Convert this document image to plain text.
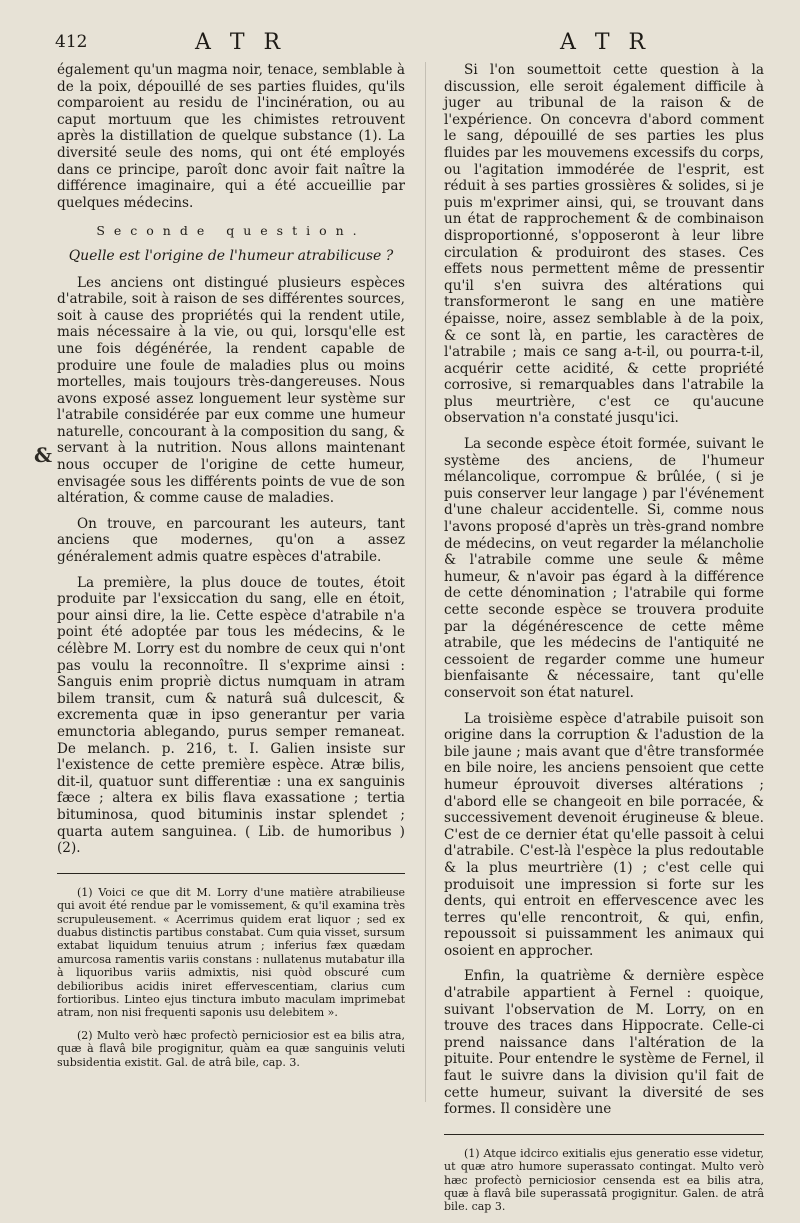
412	A T R	A T R
&

également qu'un magma noir, tenace, semblable à de la poix, dépouillé de ses parties fluides, qu'ils comparoient au residu de l'incinération, ou au caput mortuum que les chimistes retrouvent après la distillation de quelque substance (1). La diversité seule des noms, qui ont été employés dans ce principe, paroît donc avoir fait naître la différence imaginaire, qui a été accueillie par quelques médecins.

Seconde question.
Quelle est l'origine de l'humeur atrabilicuse ?

Les anciens ont distingué plusieurs espèces d'atrabile, soit à raison de ses différentes sources, soit à cause des propriétés qui la rendent utile, mais nécessaire à la vie, ou qui, lorsqu'elle est une fois dégénérée, la rendent capable de produire une foule de maladies plus ou moins mortelles, mais toujours très-dangereuses. Nous avons exposé assez longuement leur système sur l'atrabile considérée par eux comme une humeur naturelle, concourant à la composition du sang, & servant à la nutrition. Nous allons maintenant nous occuper de l'origine de cette humeur, envisagée sous les différents points de vue de son altération, & comme cause de maladies.

On trouve, en parcourant les auteurs, tant anciens que modernes, qu'on a assez généralement admis quatre espèces d'atrabile.

La première, la plus douce de toutes, étoit produite par l'exsiccation du sang, elle en étoit, pour ainsi dire, la lie. Cette espèce d'atrabile n'a point été adoptée par tous les médecins, & le célèbre M. Lorry est du nombre de ceux qui n'ont pas voulu la reconnoître. Il s'exprime ainsi : Sanguis enim propriè dictus numquam in atram bilem transit, cum & naturâ suâ dulcescit, & excrementa quæ in ipso generantur per varia emunctoria ablegando, purus semper remaneat. De melanch. p. 216, t. I. Galien insiste sur l'existence de cette première espèce. Atræ bilis, dit-il, quatuor sunt differentiæ : una ex sanguinis fæce ; altera ex bilis flava exassatione ; tertia bituminosa, quod bituminis instar splendet ; quarta autem sanguinea. ( Lib. de humoribus ) (2).

(1) Voici ce que dit M. Lorry d'une matière atrabilieuse qui avoit été rendue par le vomissement, & qu'il examina très scrupuleusement. « Acerrimus quidem erat liquor ; sed ex duabus distinctis partibus constabat. Cum quia visset, sursum extabat liquidum tenuius atrum ; inferius fæx quædam amurcosa ramentis variis constans : nullatenus mutabatur illa à liquoribus variis admixtis, nisi quòd obscuré cum debilioribus acidis iniret effervescentiam, clarius cum fortioribus. Linteo ejus tinctura imbuto maculam imprimebat atram, non nisi frequenti saponis usu delebitem ».

(2) Multo verò hæc profectò perniciosior est ea bilis atra, quæ à flavâ bile progignitur, quàm ea quæ sanguinis veluti subsidentia existit. Gal. de atrâ bile, cap. 3.

Si l'on soumettoit cette question à la discussion, elle seroit également difficile à juger au tribunal de la raison & de l'expérience. On concevra d'abord comment le sang, dépouillé de ses parties les plus fluides par les mouvemens excessifs du corps, ou l'agitation immodérée de l'esprit, est réduit à ses parties grossières & solides, si je puis m'exprimer ainsi, qui, se trouvant dans un état de rapprochement & de combinaison disproportionné, s'opposeront à leur libre circulation & produiront des stases. Ces effets nous permettent même de pressentir qu'il s'en suivra des altérations qui transformeront le sang en une matière épaisse, noire, assez semblable à de la poix, & ce sont là, en partie, les caractères de l'atrabile ; mais ce sang a-t-il, ou pourra-t-il, acquérir cette acidité, & cette propriété corrosive, si remarquables dans l'atrabile la plus meurtrière, c'est ce qu'aucune observation n'a constaté jusqu'ici.

La seconde espèce étoit formée, suivant le système des anciens, de l'humeur mélancolique, corrompue & brûlée, ( si je puis conserver leur langage ) par l'événement d'une chaleur accidentelle. Si, comme nous l'avons proposé d'après un très-grand nombre de médecins, on veut regarder la mélancholie & l'atrabile comme une seule & même humeur, & n'avoir pas égard à la différence de cette dénomination ; l'atrabile qui forme cette seconde espèce se trouvera produite par la dégénérescence de cette même atrabile, que les médecins de l'antiquité ne cessoient de regarder comme une humeur bienfaisante & nécessaire, tant qu'elle conservoit son état naturel.

La troisième espèce d'atrabile puisoit son origine dans la corruption & l'adustion de la bile jaune ; mais avant que d'être transformée en bile noire, les anciens pensoient que cette humeur éprouvoit diverses altérations ; d'abord elle se changeoit en bile porracée, & successivement devenoit érugineuse & bleue. C'est de ce dernier état qu'elle passoit à celui d'atrabile. C'est-là l'espèce la plus redoutable & la plus meurtrière (1) ; c'est celle qui produisoit une impression si forte sur les dents, qui entroit en effervescence avec les terres qu'elle rencontroit, & qui, enfin, repoussoit si puissamment les animaux qui osoient en approcher.

Enfin, la quatrième & dernière espèce d'atrabile appartient à Fernel : quoique, suivant l'observation de M. Lorry, on en trouve des traces dans Hippocrate. Celle-ci prend naissance dans l'altération de la pituite. Pour entendre le système de Fernel, il faut le suivre dans la division qu'il fait de cette humeur, suivant la diversité de ses formes. Il considère une

(1) Atque idcirco exitialis ejus generatio esse videtur, ut quæ atro humore superassato contingat. Multo verò hæc profectò perniciosior censenda est ea bilis atra, quæ à flavâ bile superassatâ progignitur. Galen. de atrâ bile. cap 3.
